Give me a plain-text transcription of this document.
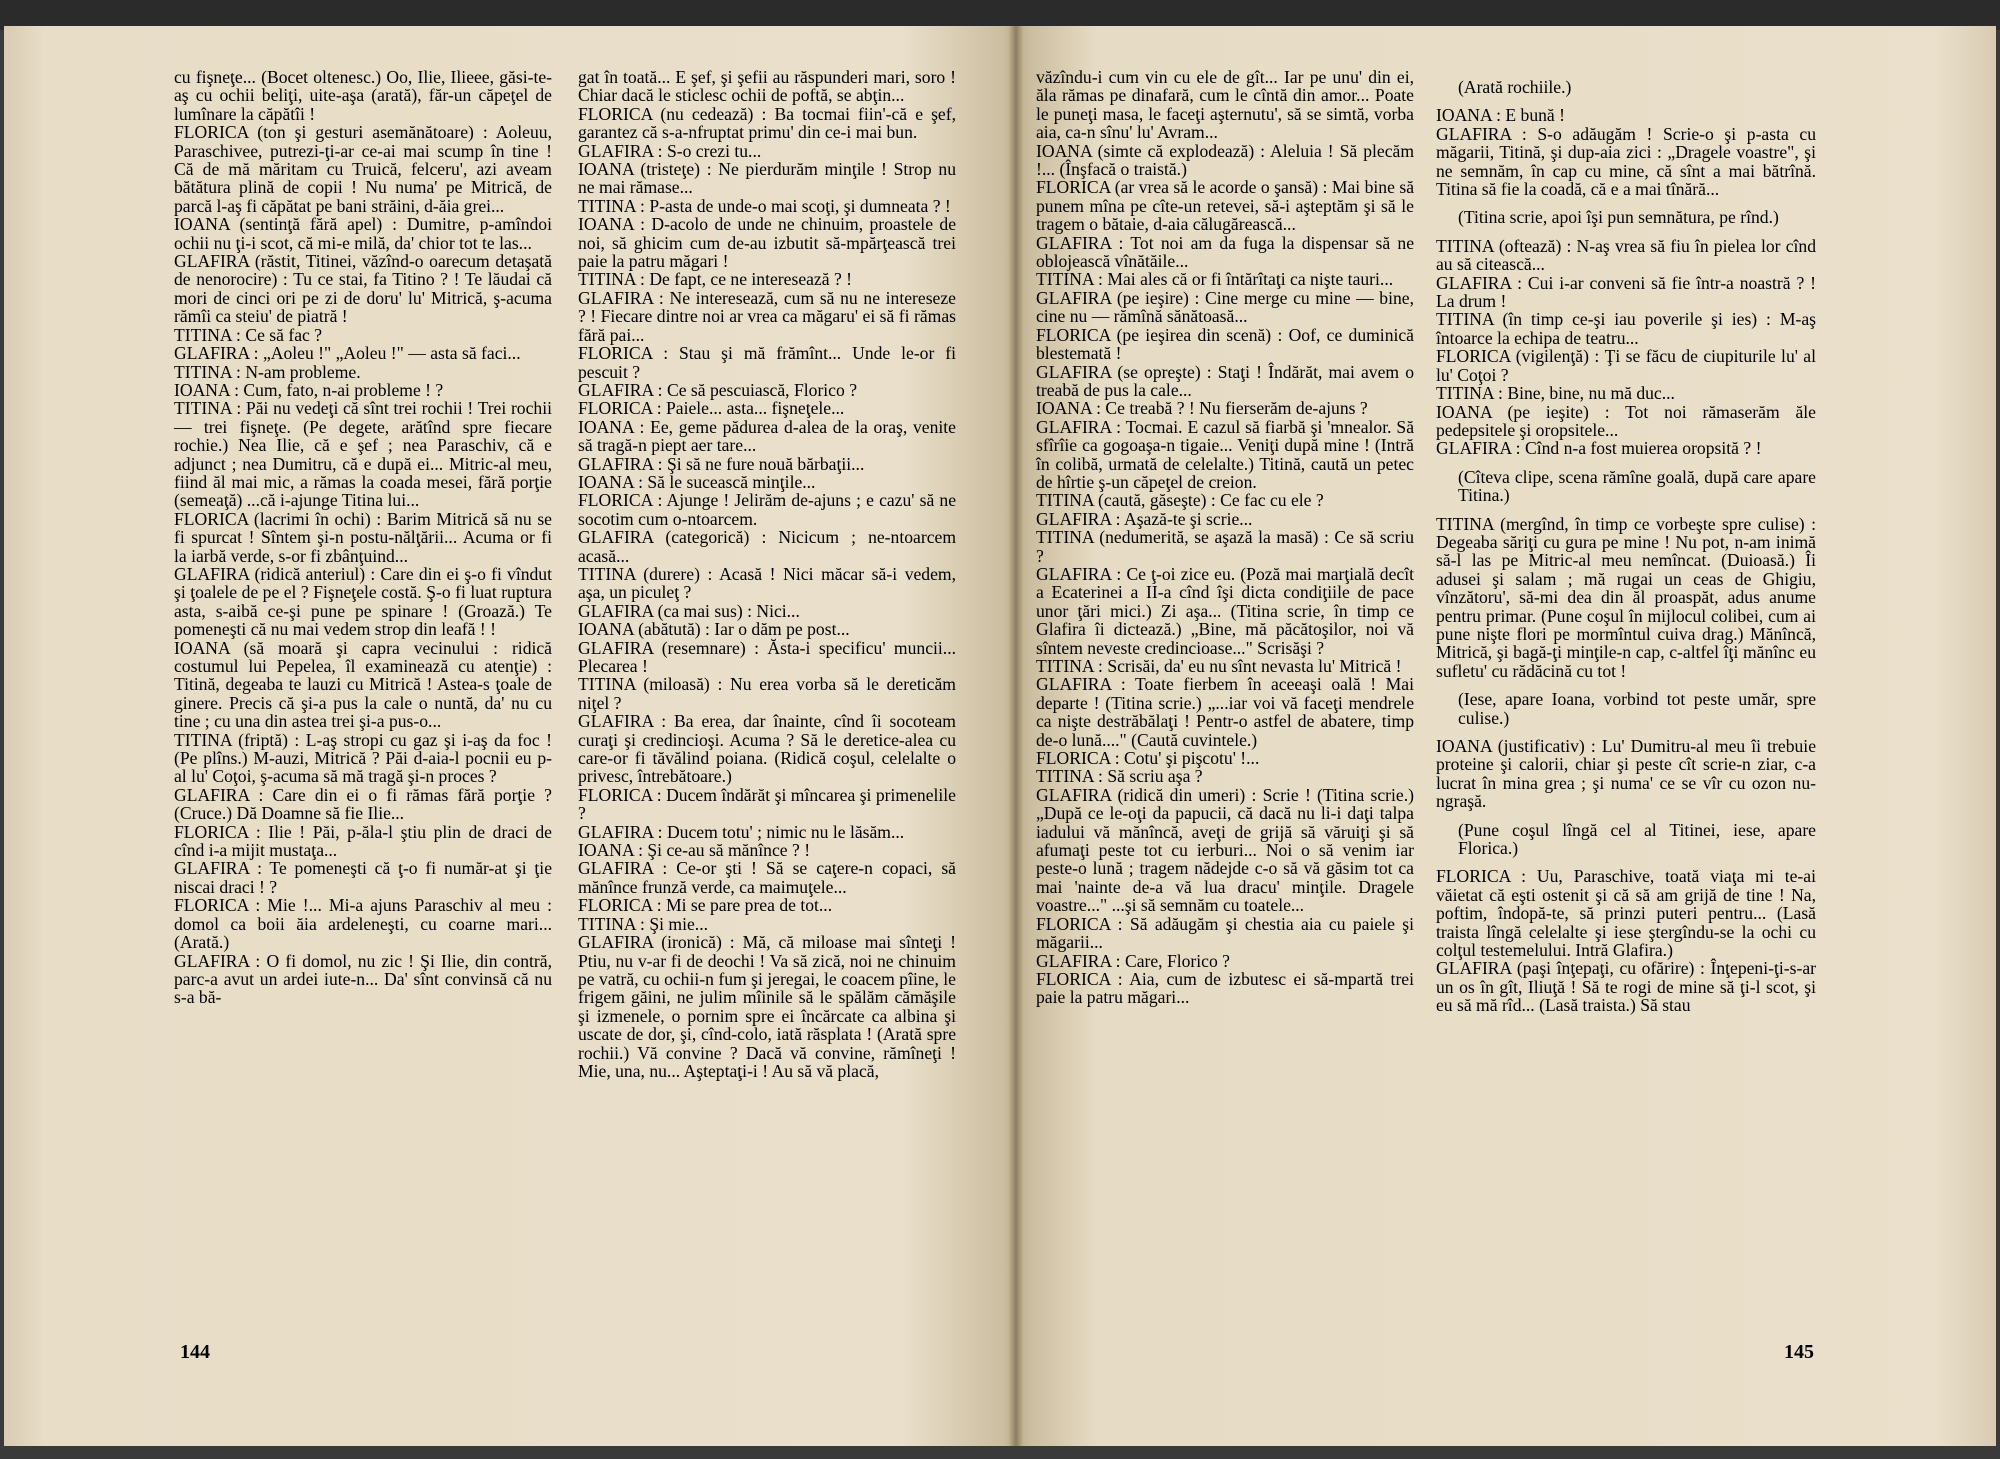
cu fişneţe... (Bocet oltenesc.) Oo, Ilie, Ilieee, găsi-te-aş cu ochii beliţi, uite-aşa (arată), făr-un căpeţel de lumînare la căpătîi !

FLORICA (ton şi gesturi asemănătoare) : Aoleuu, Paraschivee, putrezi-ţi-ar ce-ai mai scump în tine ! Că de mă măritam cu Truică, felceru', azi aveam bătătura plină de copii ! Nu numa' pe Mitrică, de parcă l-aş fi căpătat pe bani străini, d-ăia grei...

IOANA (sentinţă fără apel) : Dumitre, p-amîndoi ochii nu ţi-i scot, că mi-e milă, da' chior tot te las...

GLAFIRA (răstit, Titinei, văzînd-o oarecum detaşată de nenorocire) : Tu ce stai, fa Titino ? ! Te lăudai că mori de cinci ori pe zi de doru' lu' Mitrică, ş-acuma rămîi ca steiu' de piatră !

TITINA : Ce să fac ?

GLAFIRA : „Aoleu !" „Aoleu !" — asta să faci...

TITINA : N-am probleme.

IOANA : Cum, fato, n-ai probleme ! ?

TITINA : Păi nu vedeţi că sînt trei rochii ! Trei rochii — trei fişneţe. (Pe degete, arătînd spre fiecare rochie.) Nea Ilie, că e şef ; nea Paraschiv, că e adjunct ; nea Dumitru, că e după ei... Mitric-al meu, fiind ăl mai mic, a rămas la coada mesei, fără porţie (semeaţă) ...că i-ajunge Titina lui...

FLORICA (lacrimi în ochi) : Barim Mitrică să nu se fi spurcat ! Sîntem şi-n postu-nălţării... Acuma or fi la iarbă verde, s-or fi zbânţuind...

GLAFIRA (ridică anteriul) : Care din ei ş-o fi vîndut şi ţoalele de pe el ? Fişneţele costă. Ş-o fi luat ruptura asta, s-aibă ce-şi pune pe spinare ! (Groază.) Te pomeneşti că nu mai vedem strop din leafă ! !

IOANA (să moară şi capra vecinului : ridică costumul lui Pepelea, îl examinează cu atenţie) : Titină, degeaba te lauzi cu Mitrică ! Astea-s ţoale de ginere. Precis că şi-a pus la cale o nuntă, da' nu cu tine ; cu una din astea trei şi-a pus-o...

TITINA (friptă) : L-aş stropi cu gaz şi i-aş da foc ! (Pe plîns.) M-auzi, Mitrică ? Păi d-aia-l pocnii eu p-al lu' Coţoi, ş-acuma să mă tragă şi-n proces ?

GLAFIRA : Care din ei o fi rămas fără porţie ? (Cruce.) Dă Doamne să fie Ilie...

FLORICA : Ilie ! Păi, p-ăla-l ştiu plin de draci de cînd i-a mijit mustaţa...

GLAFIRA : Te pomeneşti că ţ-o fi număr-at şi ţie niscai draci ! ?

FLORICA : Mie !... Mi-a ajuns Paraschiv al meu : domol ca boii ăia ardeleneşti, cu coarne mari... (Arată.)

GLAFIRA : O fi domol, nu zic ! Şi Ilie, din contră, parc-a avut un ardei iute-n... Da' sînt convinsă că nu s-a bă-

gat în toată... E şef, şi şefii au răspunderi mari, soro ! Chiar dacă le sticlesc ochii de poftă, se abţin...

FLORICA (nu cedează) : Ba tocmai fiin'-că e şef, garantez că s-a-nfruptat primu' din ce-i mai bun.

GLAFIRA : S-o crezi tu...

IOANA (tristeţe) : Ne pierdurăm minţile ! Strop nu ne mai rămase...

TITINA : P-asta de unde-o mai scoţi, şi dumneata ? !

IOANA : D-acolo de unde ne chinuim, proastele de noi, să ghicim cum de-au izbutit să-mpărţească trei paie la patru măgari !

TITINA : De fapt, ce ne interesează ? !

GLAFIRA : Ne interesează, cum să nu ne intereseze ? ! Fiecare dintre noi ar vrea ca măgaru' ei să fi rămas fără pai...

FLORICA : Stau şi mă frămînt... Unde le-or fi pescuit ?

GLAFIRA : Ce să pescuiască, Florico ?

FLORICA : Paiele... asta... fişneţele...

IOANA : Ee, geme pădurea d-alea de la oraş, venite să tragă-n piept aer tare...

GLAFIRA : Şi să ne fure nouă bărbaţii...

IOANA : Să le sucească minţile...

FLORICA : Ajunge ! Jelirăm de-ajuns ; e cazu' să ne socotim cum o-ntoarcem.

GLAFIRA (categorică) : Nicicum ; ne-ntoarcem acasă...

TITINA (durere) : Acasă ! Nici măcar să-i vedem, aşa, un piculeţ ?

GLAFIRA (ca mai sus) : Nici...

IOANA (abătută) : Iar o dăm pe post...

GLAFIRA (resemnare) : Ăsta-i specificu' muncii... Plecarea !

TITINA (miloasă) : Nu erea vorba să le dereticăm niţel ?

GLAFIRA : Ba erea, dar înainte, cînd îi socoteam curaţi şi credincioşi. Acuma ? Să le deretice-alea cu care-or fi tăvălind poiana. (Ridică coşul, celelalte o privesc, întrebătoare.)

FLORICA : Ducem îndărăt şi mîncarea şi primenelile ?

GLAFIRA : Ducem totu' ; nimic nu le lăsăm...

IOANA : Şi ce-au să mănînce ? !

GLAFIRA : Ce-or şti ! Să se caţere-n copaci, să mănînce frunză verde, ca maimuţele...

FLORICA : Mi se pare prea de tot...

TITINA : Şi mie...

GLAFIRA (ironică) : Mă, că miloase mai sînteţi ! Ptiu, nu v-ar fi de deochi ! Va să zică, noi ne chinuim pe vatră, cu ochii-n fum şi jeregai, le coacem pîine, le frigem găini, ne julim mîinile să le spălăm cămăşile şi izmenele, o pornim spre ei încărcate ca albina şi uscate de dor, şi, cînd-colo, iată răsplata ! (Arată spre rochii.) Vă convine ? Dacă vă convine, rămîneţi ! Mie, una, nu... Aşteptaţi-i ! Au să vă placă,

văzîndu-i cum vin cu ele de gît... Iar pe unu' din ei, ăla rămas pe dinafară, cum le cîntă din amor... Poate le puneţi masa, le faceţi aşternutu', să se simtă, vorba aia, ca-n sînu' lu' Avram...

IOANA (simte că explodează) : Aleluia ! Să plecăm !... (Înşfacă o traistă.)

FLORICA (ar vrea să le acorde o şansă) : Mai bine să punem mîna pe cîte-un retevei, să-i aşteptăm şi să le tragem o bătaie, d-aia călugărească...

GLAFIRA : Tot noi am da fuga la dispensar să ne oblojească vînătăile...

TITINA : Mai ales că or fi întărîtaţi ca nişte tauri...

GLAFIRA (pe ieşire) : Cine merge cu mine — bine, cine nu — rămînă sănătoasă...

FLORICA (pe ieşirea din scenă) : Oof, ce duminică blestemată !

GLAFIRA (se opreşte) : Staţi ! Îndărăt, mai avem o treabă de pus la cale...

IOANA : Ce treabă ? ! Nu fierserăm de-ajuns ?

GLAFIRA : Tocmai. E cazul să fiarbă şi 'mnealor. Să sfîrîie ca gogoaşa-n tigaie... Veniţi după mine ! (Intră în colibă, urmată de celelalte.) Titină, caută un petec de hîrtie ş-un căpeţel de creion.

TITINA (caută, găseşte) : Ce fac cu ele ?

GLAFIRA : Aşază-te şi scrie...

TITINA (nedumerită, se aşază la masă) : Ce să scriu ?

GLAFIRA : Ce ţ-oi zice eu. (Poză mai marţială decît a Ecaterinei a II-a cînd îşi dicta condiţiile de pace unor ţări mici.) Zi aşa... (Titina scrie, în timp ce Glafira îi dictează.) „Bine, mă păcătoşilor, noi vă sîntem neveste credincioase..." Scrisăşi ?

TITINA : Scrisăi, da' eu nu sînt nevasta lu' Mitrică !

GLAFIRA : Toate fierbem în aceeaşi oală ! Mai departe ! (Titina scrie.) „...iar voi vă faceţi mendrele ca nişte destrăbălaţi ! Pentr-o astfel de abatere, timp de-o lună...." (Caută cuvintele.)

FLORICA : Cotu' şi pişcotu' !...

TITINA : Să scriu aşa ?

GLAFIRA (ridică din umeri) : Scrie ! (Titina scrie.) „După ce le-oţi da papucii, că dacă nu li-i daţi talpa iadului vă mănîncă, aveţi de grijă să văruiţi şi să afumaţi peste tot cu ierburi... Noi o să venim iar peste-o lună ; tragem nădejde c-o să vă găsim tot ca mai 'nainte de-a vă lua dracu' minţile. Dragele voastre..." ...şi să semnăm cu toatele...

FLORICA : Să adăugăm şi chestia aia cu paiele şi măgarii...

GLAFIRA : Care, Florico ?

FLORICA : Aia, cum de izbutesc ei să-mpartă trei paie la patru măgari...

(Arată rochiile.)

IOANA : E bună !

GLAFIRA : S-o adăugăm ! Scrie-o şi p-asta cu măgarii, Titină, şi dup-aia zici : „Dragele voastre", şi ne semnăm, în cap cu mine, că sînt a mai bătrînă. Titina să fie la coadă, că e a mai tînără...

(Titina scrie, apoi îşi pun semnătura, pe rînd.)

TITINA (oftează) : N-aş vrea să fiu în pielea lor cînd au să citească...

GLAFIRA : Cui i-ar conveni să fie într-a noastră ? ! La drum !

TITINA (în timp ce-şi iau poverile şi ies) : M-aş întoarce la echipa de teatru...

FLORICA (vigilenţă) : Ţi se făcu de ciupiturile lu' al lu' Coţoi ?

TITINA : Bine, bine, nu mă duc...

IOANA (pe ieşite) : Tot noi rămaserăm ăle pedepsitele şi oropsitele...

GLAFIRA : Cînd n-a fost muierea oropsită ? !

(Cîteva clipe, scena rămîne goală, după care apare Titina.)

TITINA (mergînd, în timp ce vorbeşte spre culise) : Degeaba săriţi cu gura pe mine ! Nu pot, n-am inimă să-l las pe Mitric-al meu nemîncat. (Duioasă.) Îi adusei şi salam ; mă rugai un ceas de Ghigiu, vînzătoru', să-mi dea din ăl proaspăt, adus anume pentru primar. (Pune coşul în mijlocul colibei, cum ai pune nişte flori pe mormîntul cuiva drag.) Mănîncă, Mitrică, şi bagă-ţi minţile-n cap, c-altfel îţi mănînc eu sufletu' cu rădăcină cu tot !

(Iese, apare Ioana, vorbind tot peste umăr, spre culise.)

IOANA (justificativ) : Lu' Dumitru-al meu îi trebuie proteine şi calorii, chiar şi peste cît scrie-n ziar, c-a lucrat în mina grea ; şi numa' ce se vîr cu ozon nu-ngraşă.

(Pune coşul lîngă cel al Titinei, iese, apare Florica.)

FLORICA : Uu, Paraschive, toată viaţa mi te-ai văietat că eşti ostenit şi că să am grijă de tine ! Na, poftim, îndopă-te, să prinzi puteri pentru... (Lasă traista lîngă celelalte şi iese ştergîndu-se la ochi cu colţul testemelului. Intră Glafira.)

GLAFIRA (paşi înţepaţi, cu ofărire) : Înţepeni-ţi-s-ar un os în gît, Iliuţă ! Să te rogi de mine să ţi-l scot, şi eu să mă rîd... (Lasă traista.) Să stau

144	145
